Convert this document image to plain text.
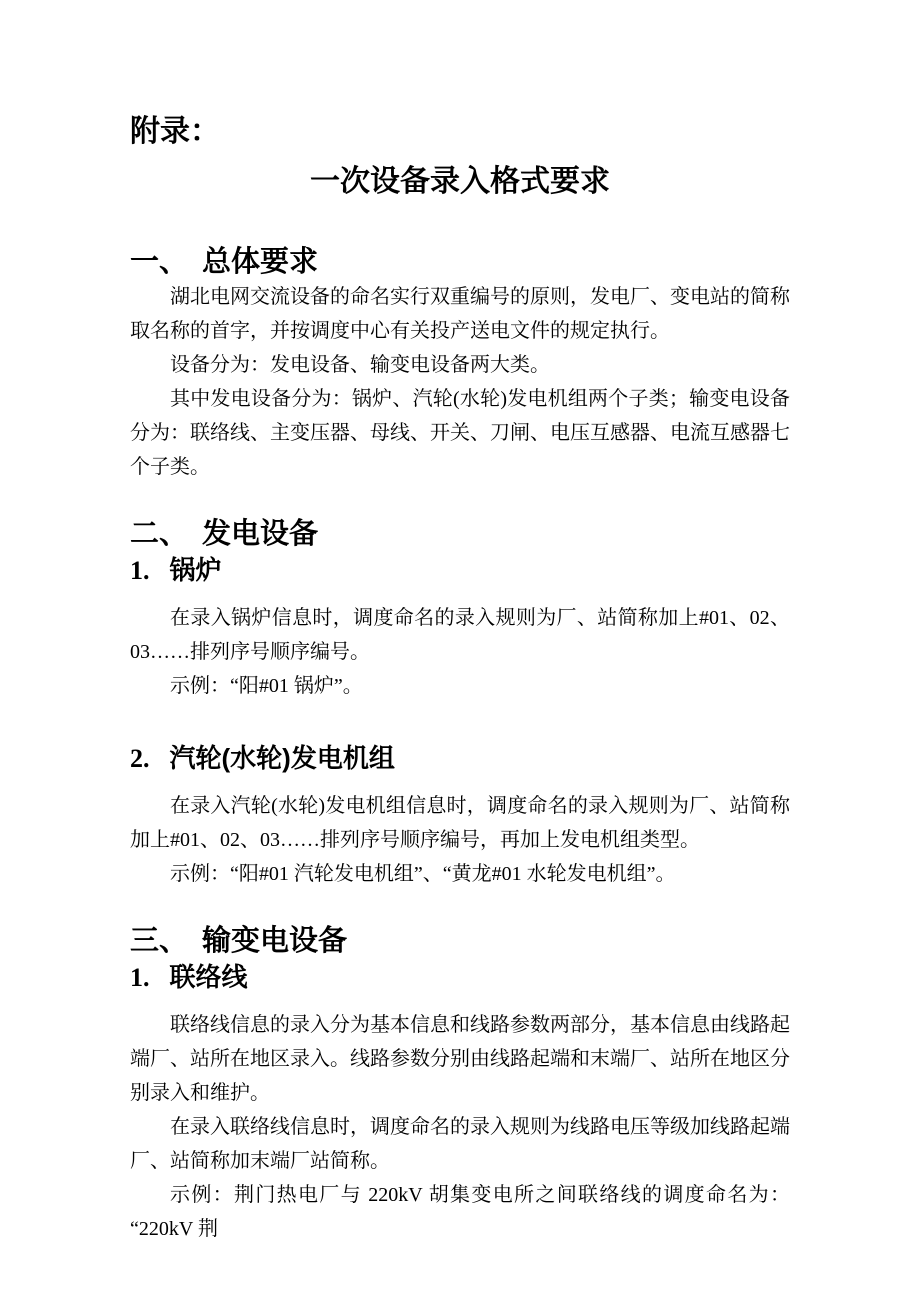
附录：

一次设备录入格式要求
一、 总体要求

湖北电网交流设备的命名实行双重编号的原则，发电厂、变电站的简称取名称的首字，并按调度中心有关投产送电文件的规定执行。

设备分为：发电设备、输变电设备两大类。

其中发电设备分为：锅炉、汽轮(水轮)发电机组两个子类；输变电设备分为：联络线、主变压器、母线、开关、刀闸、电压互感器、电流互感器七个子类。

二、 发电设备
1. 锅炉

在录入锅炉信息时，调度命名的录入规则为厂、站简称加上#01、02、03……排列序号顺序编号。

示例：“阳#01 锅炉”。

2. 汽轮(水轮)发电机组

在录入汽轮(水轮)发电机组信息时，调度命名的录入规则为厂、站简称加上#01、02、03……排列序号顺序编号，再加上发电机组类型。

示例：“阳#01 汽轮发电机组”、“黄龙#01 水轮发电机组”。

三、 输变电设备
1. 联络线

联络线信息的录入分为基本信息和线路参数两部分，基本信息由线路起端厂、站所在地区录入。线路参数分别由线路起端和末端厂、站所在地区分别录入和维护。

在录入联络线信息时，调度命名的录入规则为线路电压等级加线路起端厂、站简称加末端厂站简称。

示例：荆门热电厂与 220kV 胡集变电所之间联络线的调度命名为：“220kV 荆
